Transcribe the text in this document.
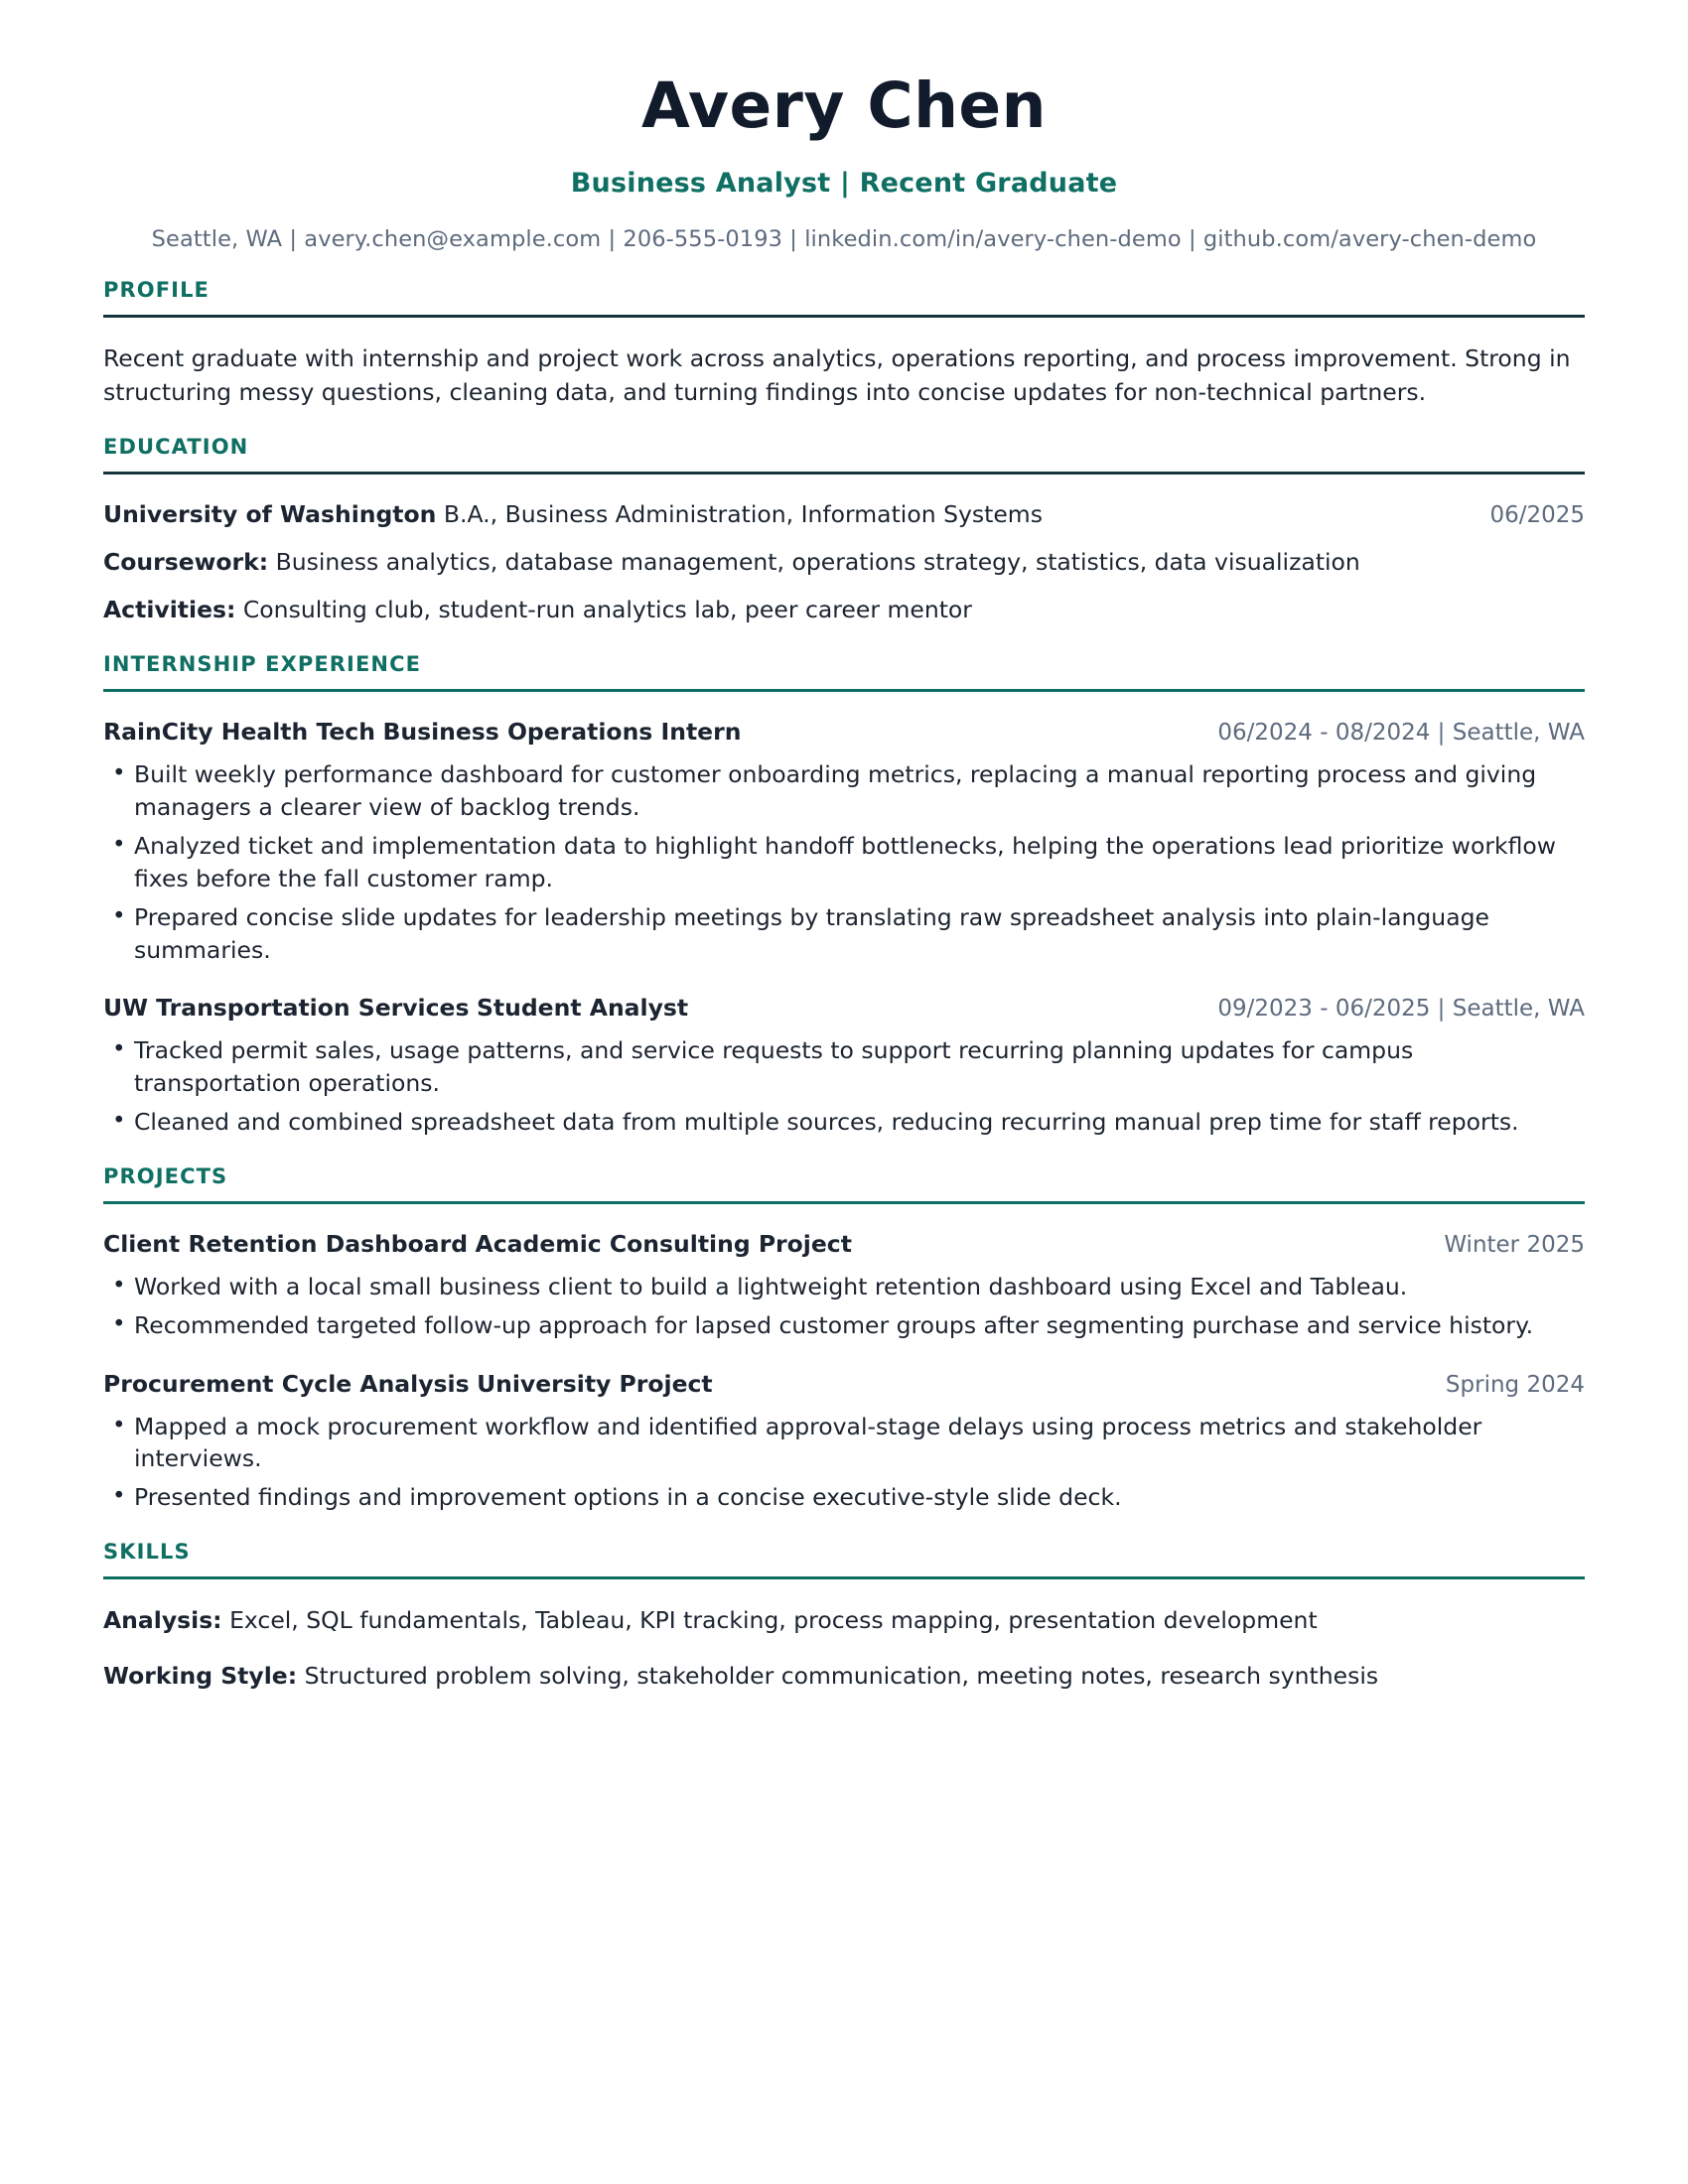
Avery Chen
Business Analyst | Recent Graduate
Seattle, WA | avery.chen@example.com | 206-555-0193 | linkedin.com/in/avery-chen-demo | github.com/avery-chen-demo
PROFILE

Recent graduate with internship and project work across analytics, operations reporting, and process improvement. Strong in structuring messy questions, cleaning data, and turning findings into concise updates for non-technical partners.

EDUCATION
University of Washington B.A., Business Administration, Information Systems	06/2025
Coursework: Business analytics, database management, operations strategy, statistics, data visualization
Activities: Consulting club, student-run analytics lab, peer career mentor
INTERNSHIP EXPERIENCE
RainCity Health Tech Business Operations Intern	06/2024 - 08/2024 | Seattle, WA
• Built weekly performance dashboard for customer onboarding metrics, replacing a manual reporting process and giving managers a clearer view of backlog trends.
• Analyzed ticket and implementation data to highlight handoff bottlenecks, helping the operations lead prioritize workflow fixes before the fall customer ramp.
• Prepared concise slide updates for leadership meetings by translating raw spreadsheet analysis into plain-language summaries.
UW Transportation Services Student Analyst	09/2023 - 06/2025 | Seattle, WA
• Tracked permit sales, usage patterns, and service requests to support recurring planning updates for campus transportation operations.
• Cleaned and combined spreadsheet data from multiple sources, reducing recurring manual prep time for staff reports.
PROJECTS
Client Retention Dashboard Academic Consulting Project	Winter 2025
• Worked with a local small business client to build a lightweight retention dashboard using Excel and Tableau.
• Recommended targeted follow-up approach for lapsed customer groups after segmenting purchase and service history.
Procurement Cycle Analysis University Project	Spring 2024
• Mapped a mock procurement workflow and identified approval-stage delays using process metrics and stakeholder interviews.
• Presented findings and improvement options in a concise executive-style slide deck.
SKILLS
Analysis: Excel, SQL fundamentals, Tableau, KPI tracking, process mapping, presentation development
Working Style: Structured problem solving, stakeholder communication, meeting notes, research synthesis
